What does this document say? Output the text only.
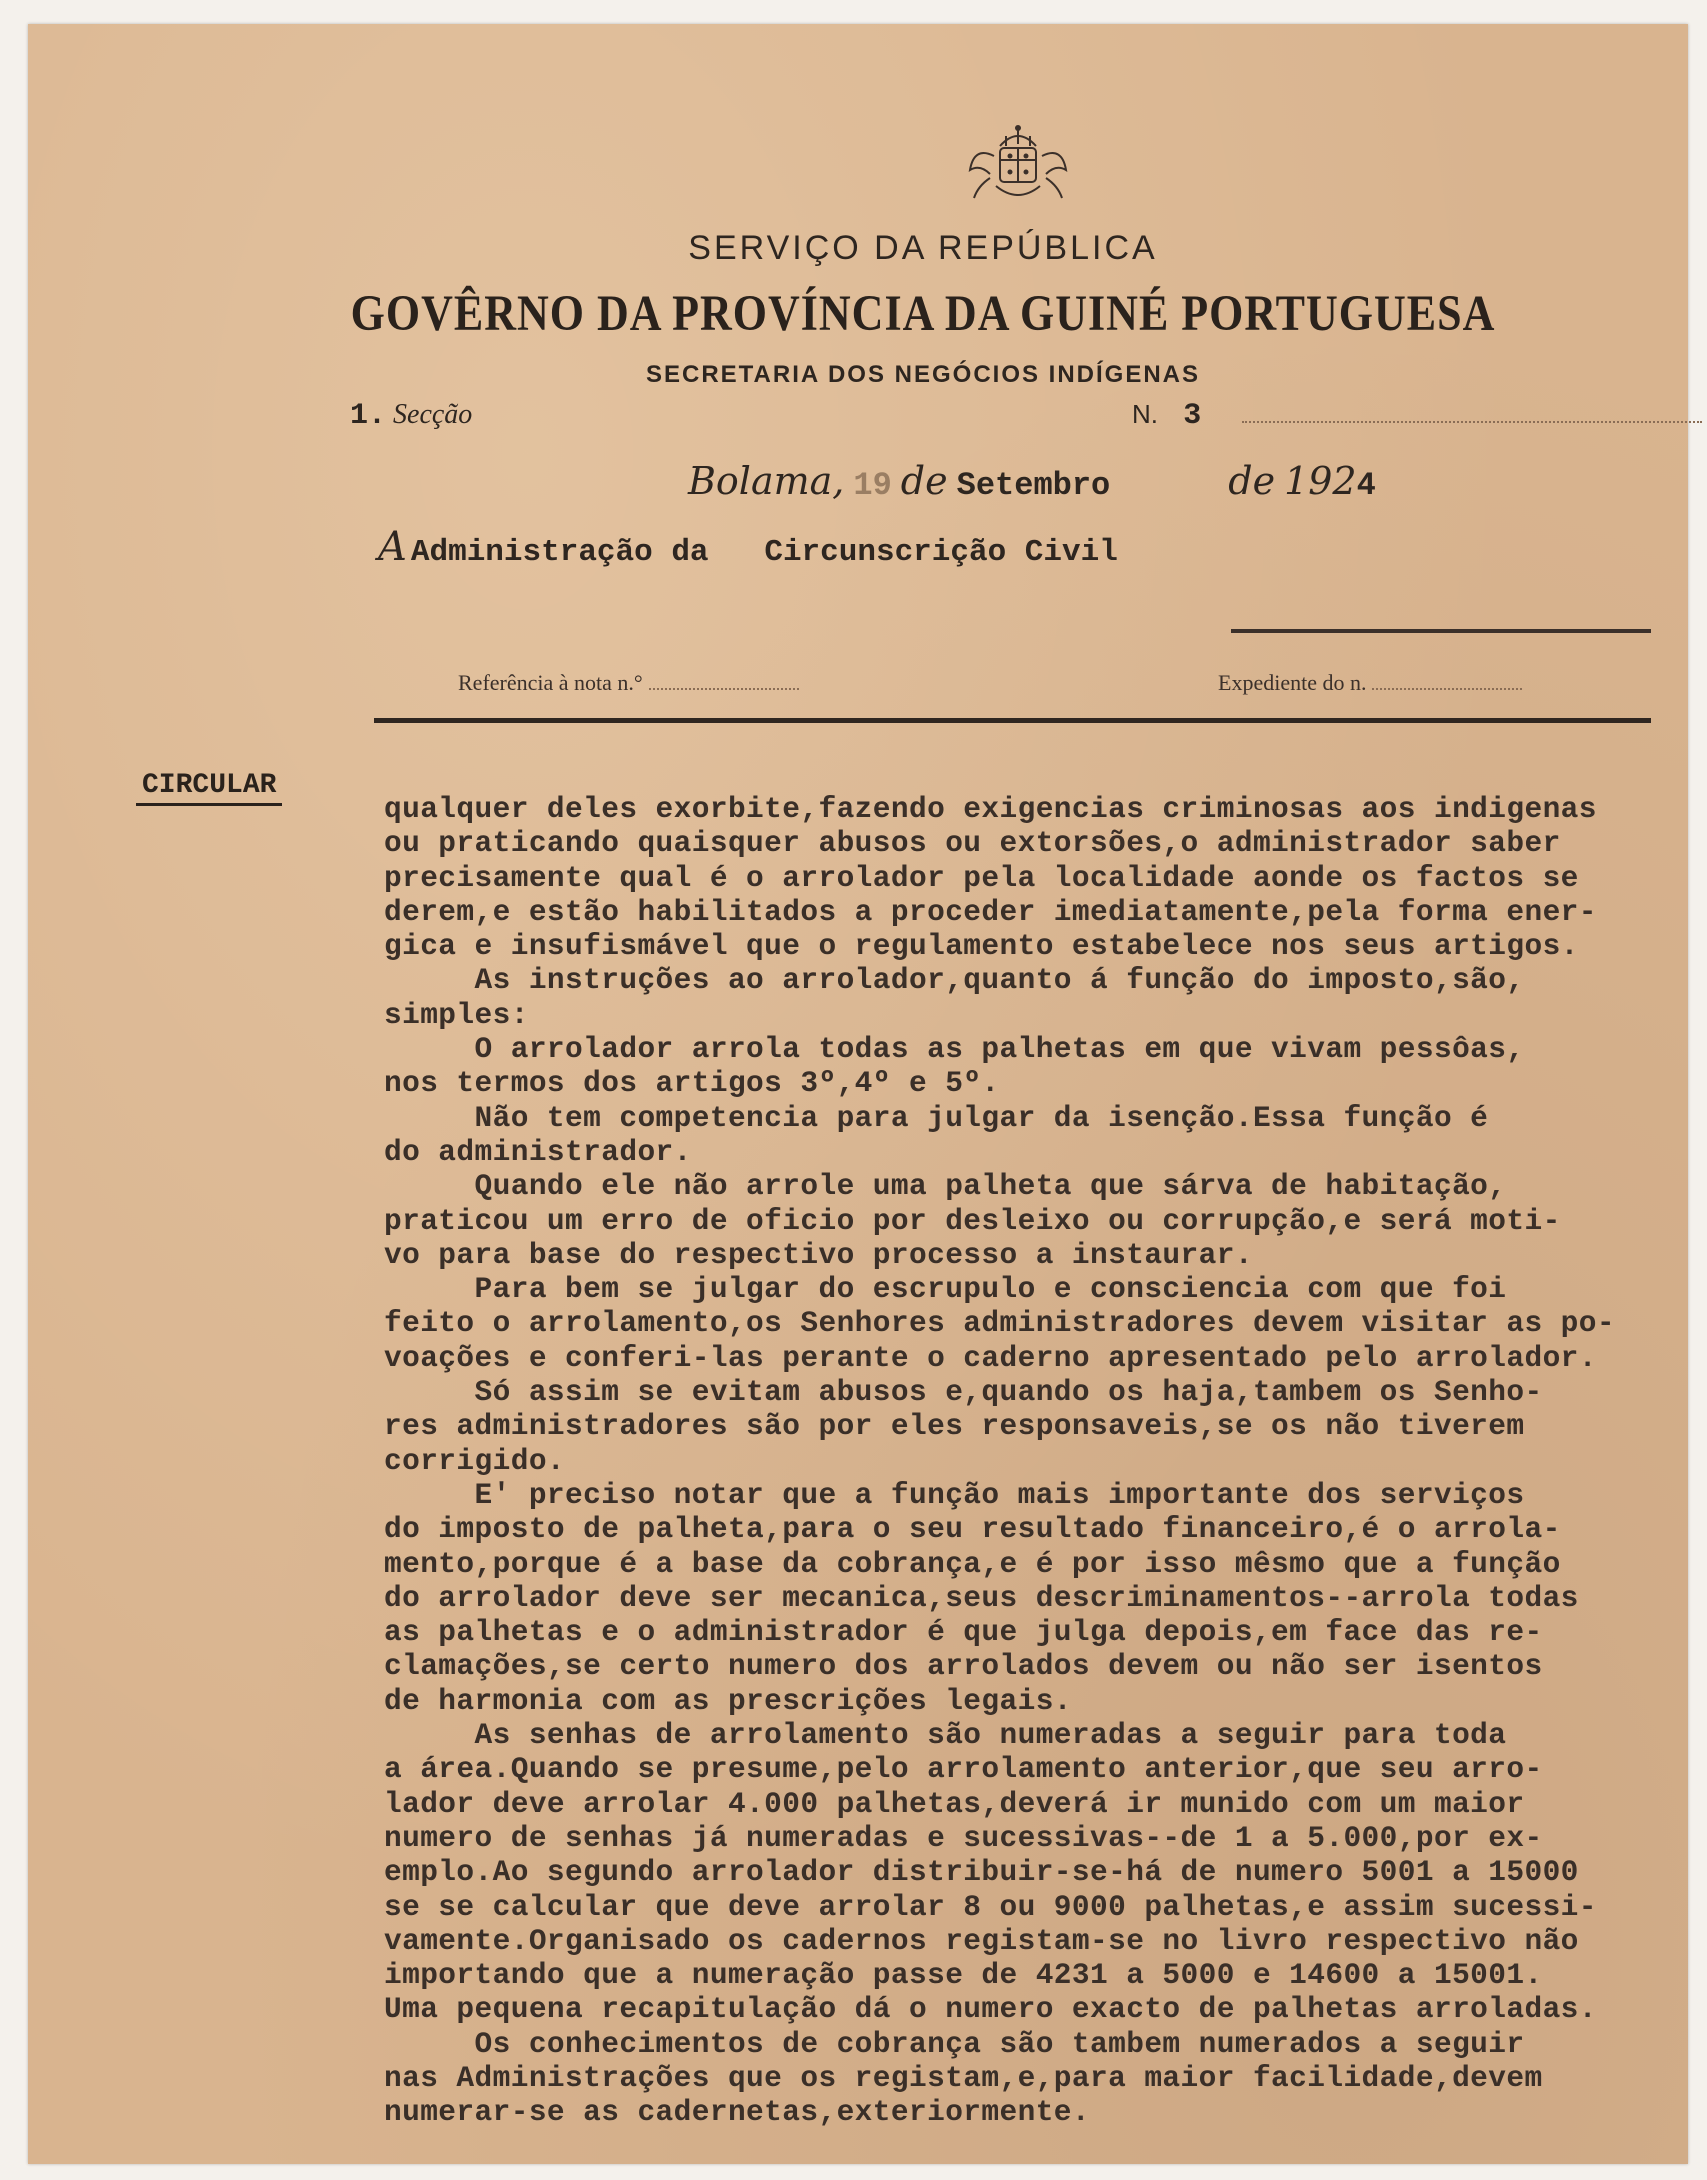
SERVIÇO DA REPÚBLICA
GOVÊRNO DA PROVÍNCIA DA GUINÉ PORTUGUESA
SECRETARIA DOS NEGÓCIOS INDÍGENAS
1. Secção	N. 3
Bolama, 19 de Setembro	de 1924
A Administração da   Circunscrição Civil
Referência à nota n.°	Expediente do n.
CIRCULAR
qualquer deles exorbite,fazendo exigencias criminosas aos indigenas
ou praticando quaisquer abusos ou extorsões,o administrador saber
precisamente qual é o arrolador pela localidade aonde os factos se
derem,e estão habilitados a proceder imediatamente,pela forma ener-
gica e insufismável que o regulamento estabelece nos seus artigos.
As instruções ao arrolador,quanto á função do imposto,são,
simples:
O arrolador arrola todas as palhetas em que vivam pessôas,
nos termos dos artigos 3º,4º e 5º.
Não tem competencia para julgar da isenção.Essa função é
do administrador.
Quando ele não arrole uma palheta que sárva de habitação,
praticou um erro de oficio por desleixo ou corrupção,e será moti-
vo para base do respectivo processo a instaurar.
Para bem se julgar do escrupulo e consciencia com que foi
feito o arrolamento,os Senhores administradores devem visitar as po-
voações e conferi-las perante o caderno apresentado pelo arrolador.
Só assim se evitam abusos e,quando os haja,tambem os Senho-
res administradores são por eles responsaveis,se os não tiverem
corrigido.
E' preciso notar que a função mais importante dos serviços
do imposto de palheta,para o seu resultado financeiro,é o arrola-
mento,porque é a base da cobrança,e é por isso mêsmo que a função
do arrolador deve ser mecanica,seus descriminamentos--arrola todas
as palhetas e o administrador é que julga depois,em face das re-
clamações,se certo numero dos arrolados devem ou não ser isentos
de harmonia com as prescrições legais.
As senhas de arrolamento são numeradas a seguir para toda
a área.Quando se presume,pelo arrolamento anterior,que seu arro-
lador deve arrolar 4.000 palhetas,deverá ir munido com um maior
numero de senhas já numeradas e sucessivas--de 1 a 5.000,por ex-
emplo.Ao segundo arrolador distribuir-se-há de numero 5001 a 15000
se se calcular que deve arrolar 8 ou 9000 palhetas,e assim sucessi-
vamente.Organisado os cadernos registam-se no livro respectivo não
importando que a numeração passe de 4231 a 5000 e 14600 a 15001.
Uma pequena recapitulação dá o numero exacto de palhetas arroladas.
Os conhecimentos de cobrança são tambem numerados a seguir
nas Administrações que os registam,e,para maior facilidade,devem
numerar-se as cadernetas,exteriormente.
